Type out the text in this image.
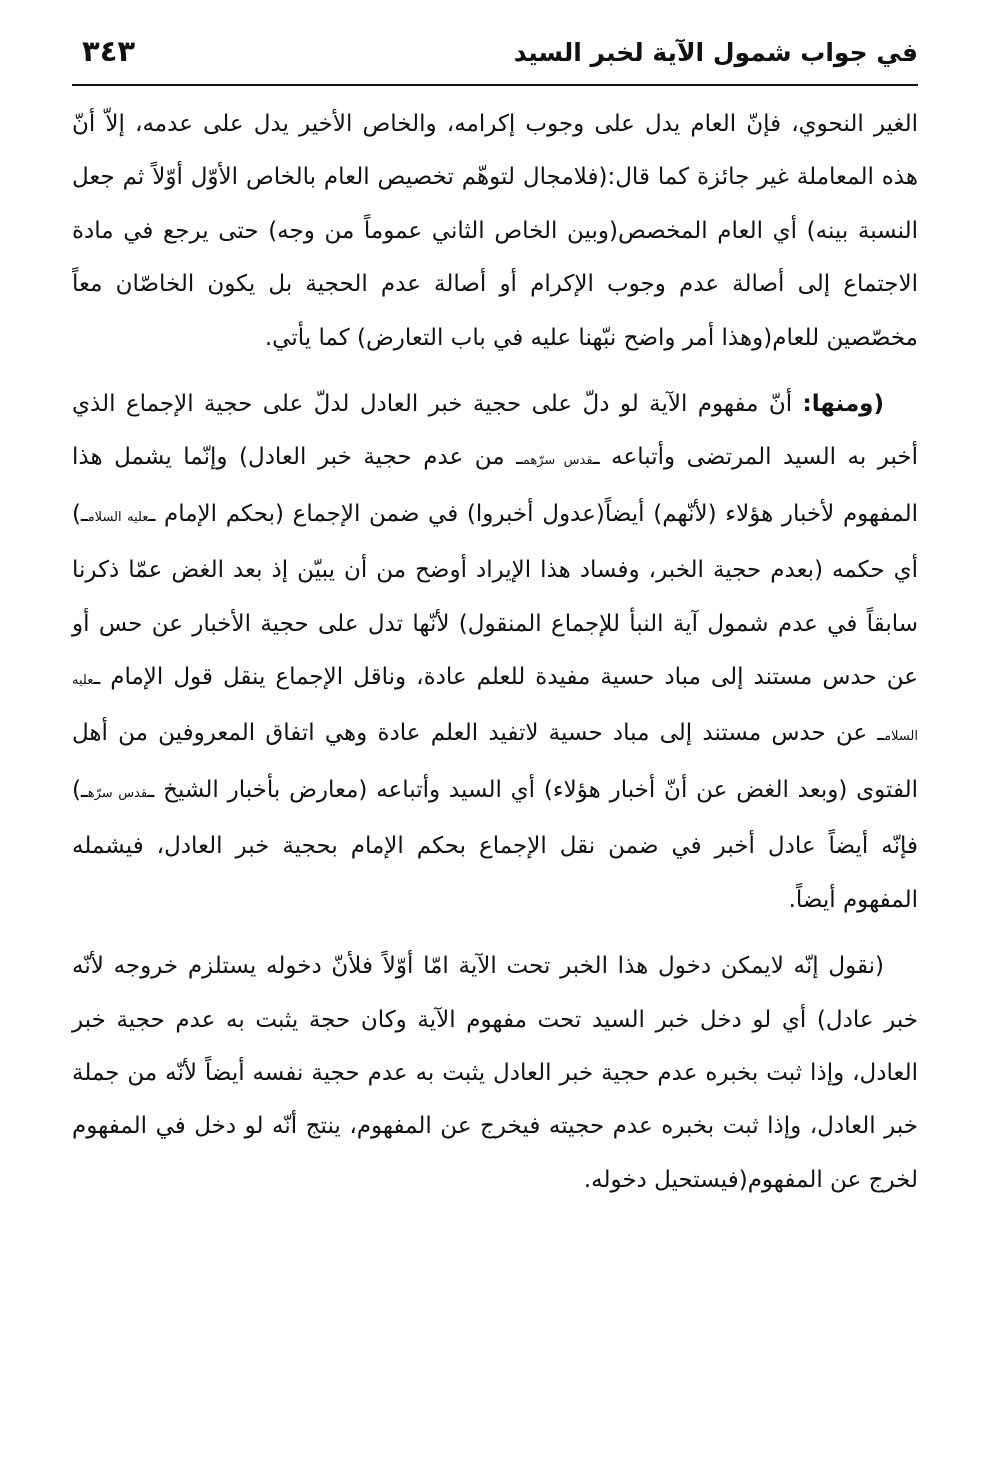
في جواب شمول الآية لخبر السيد
٣٤٣

الغير النحوي، فإنّ العام يدل على وجوب إكرامه، والخاص الأخير يدل على عدمه، إلاّ أنّ هذه المعاملة غير جائزة كما قال:(فلامجال لتوهّم تخصيص العام بالخاص الأوّل أوّلاً ثم جعل النسبة بينه) أي العام المخصص(وبين الخاص الثاني عموماً من وجه) حتى يرجع في مادة الاجتماع إلى أصالة عدم وجوب الإكرام أو أصالة عدم الحجية بل يكون الخاصّان معاً مخصّصين للعام(وهذا أمر واضح نبّهنا عليه في باب التعارض) كما يأتي.

(ومنها: أنّ مفهوم الآية لو دلّ على حجية خبر العادل لدلّ على حجية الإجماع الذي أخبر به السيد المرتضى وأتباعه ـقدس سرّهمـ من عدم حجية خبر العادل) وإنّما يشمل هذا المفهوم لأخبار هؤلاء (لأنّهم) أيضاً(عدول أخبروا) في ضمن الإجماع (بحكم الإمام ـعليه السلامـ) أي حكمه (بعدم حجية الخبر، وفساد هذا الإيراد أوضح من أن يبيّن إذ بعد الغض عمّا ذكرنا سابقاً في عدم شمول آية النبأ للإجماع المنقول) لأنّها تدل على حجية الأخبار عن حس أو عن حدس مستند إلى مباد حسية مفيدة للعلم عادة، وناقل الإجماع ينقل قول الإمام ـعليه السلامـ عن حدس مستند إلى مباد حسية لاتفيد العلم عادة وهي اتفاق المعروفين من أهل الفتوى (وبعد الغض عن أنّ أخبار هؤلاء) أي السيد وأتباعه (معارض بأخبار الشيخ ـقدس سرّهـ) فإنّه أيضاً عادل أخبر في ضمن نقل الإجماع بحكم الإمام بحجية خبر العادل، فيشمله المفهوم أيضاً.

(نقول إنّه لايمكن دخول هذا الخبر تحت الآية امّا أوّلاً فلأنّ دخوله يستلزم خروجه لأنّه خبر عادل) أي لو دخل خبر السيد تحت مفهوم الآية وكان حجة يثبت به عدم حجية خبر العادل، وإذا ثبت بخبره عدم حجية خبر العادل يثبت به عدم حجية نفسه أيضاً لأنّه من جملة خبر العادل، وإذا ثبت بخبره عدم حجيته فيخرج عن المفهوم، ينتج أنّه لو دخل في المفهوم لخرج عن المفهوم(فيستحيل دخوله.
